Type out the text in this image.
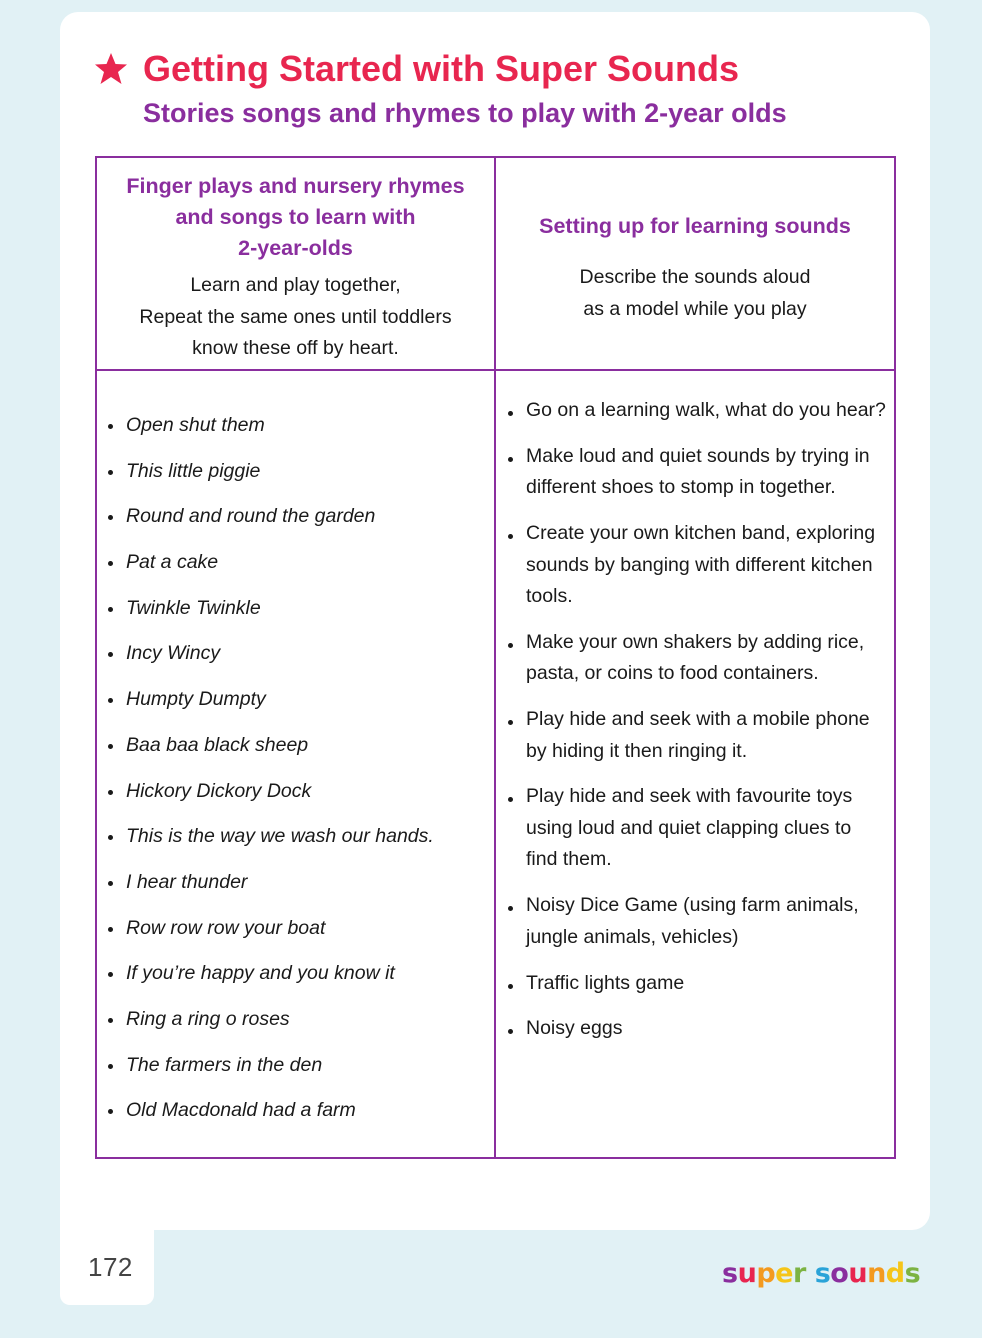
172
Getting Started with Super Sounds
Stories songs and rhymes to play with 2-year olds
Finger plays and nursery rhymes
and songs to learn with
2-year-olds
Learn and play together,
Repeat the same ones until toddlers
know these off by heart.
Setting up for learning sounds
Describe the sounds aloud
as a model while you play
Open shut them
This little piggie
Round and round the garden
Pat a cake
Twinkle Twinkle
Incy Wincy
Humpty Dumpty
Baa baa black sheep
Hickory Dickory Dock
This is the way we wash our hands.
I hear thunder
Row row row your boat
If you’re happy and you know it
Ring a ring o roses
The farmers in the den
Old Macdonald had a farm
Go on a learning walk, what do you hear?
Make loud and quiet sounds by trying in different shoes to stomp in together.
Create your own kitchen band, exploring sounds by banging with different kitchen tools.
Make your own shakers by adding rice, pasta, or coins to food containers.
Play hide and seek with a mobile phone by hiding it then ringing it.
Play hide and seek with favourite toys using loud and quiet clapping clues to find them.
Noisy Dice Game (using farm animals, jungle animals, vehicles)
Traffic lights game
Noisy eggs
super sounds
